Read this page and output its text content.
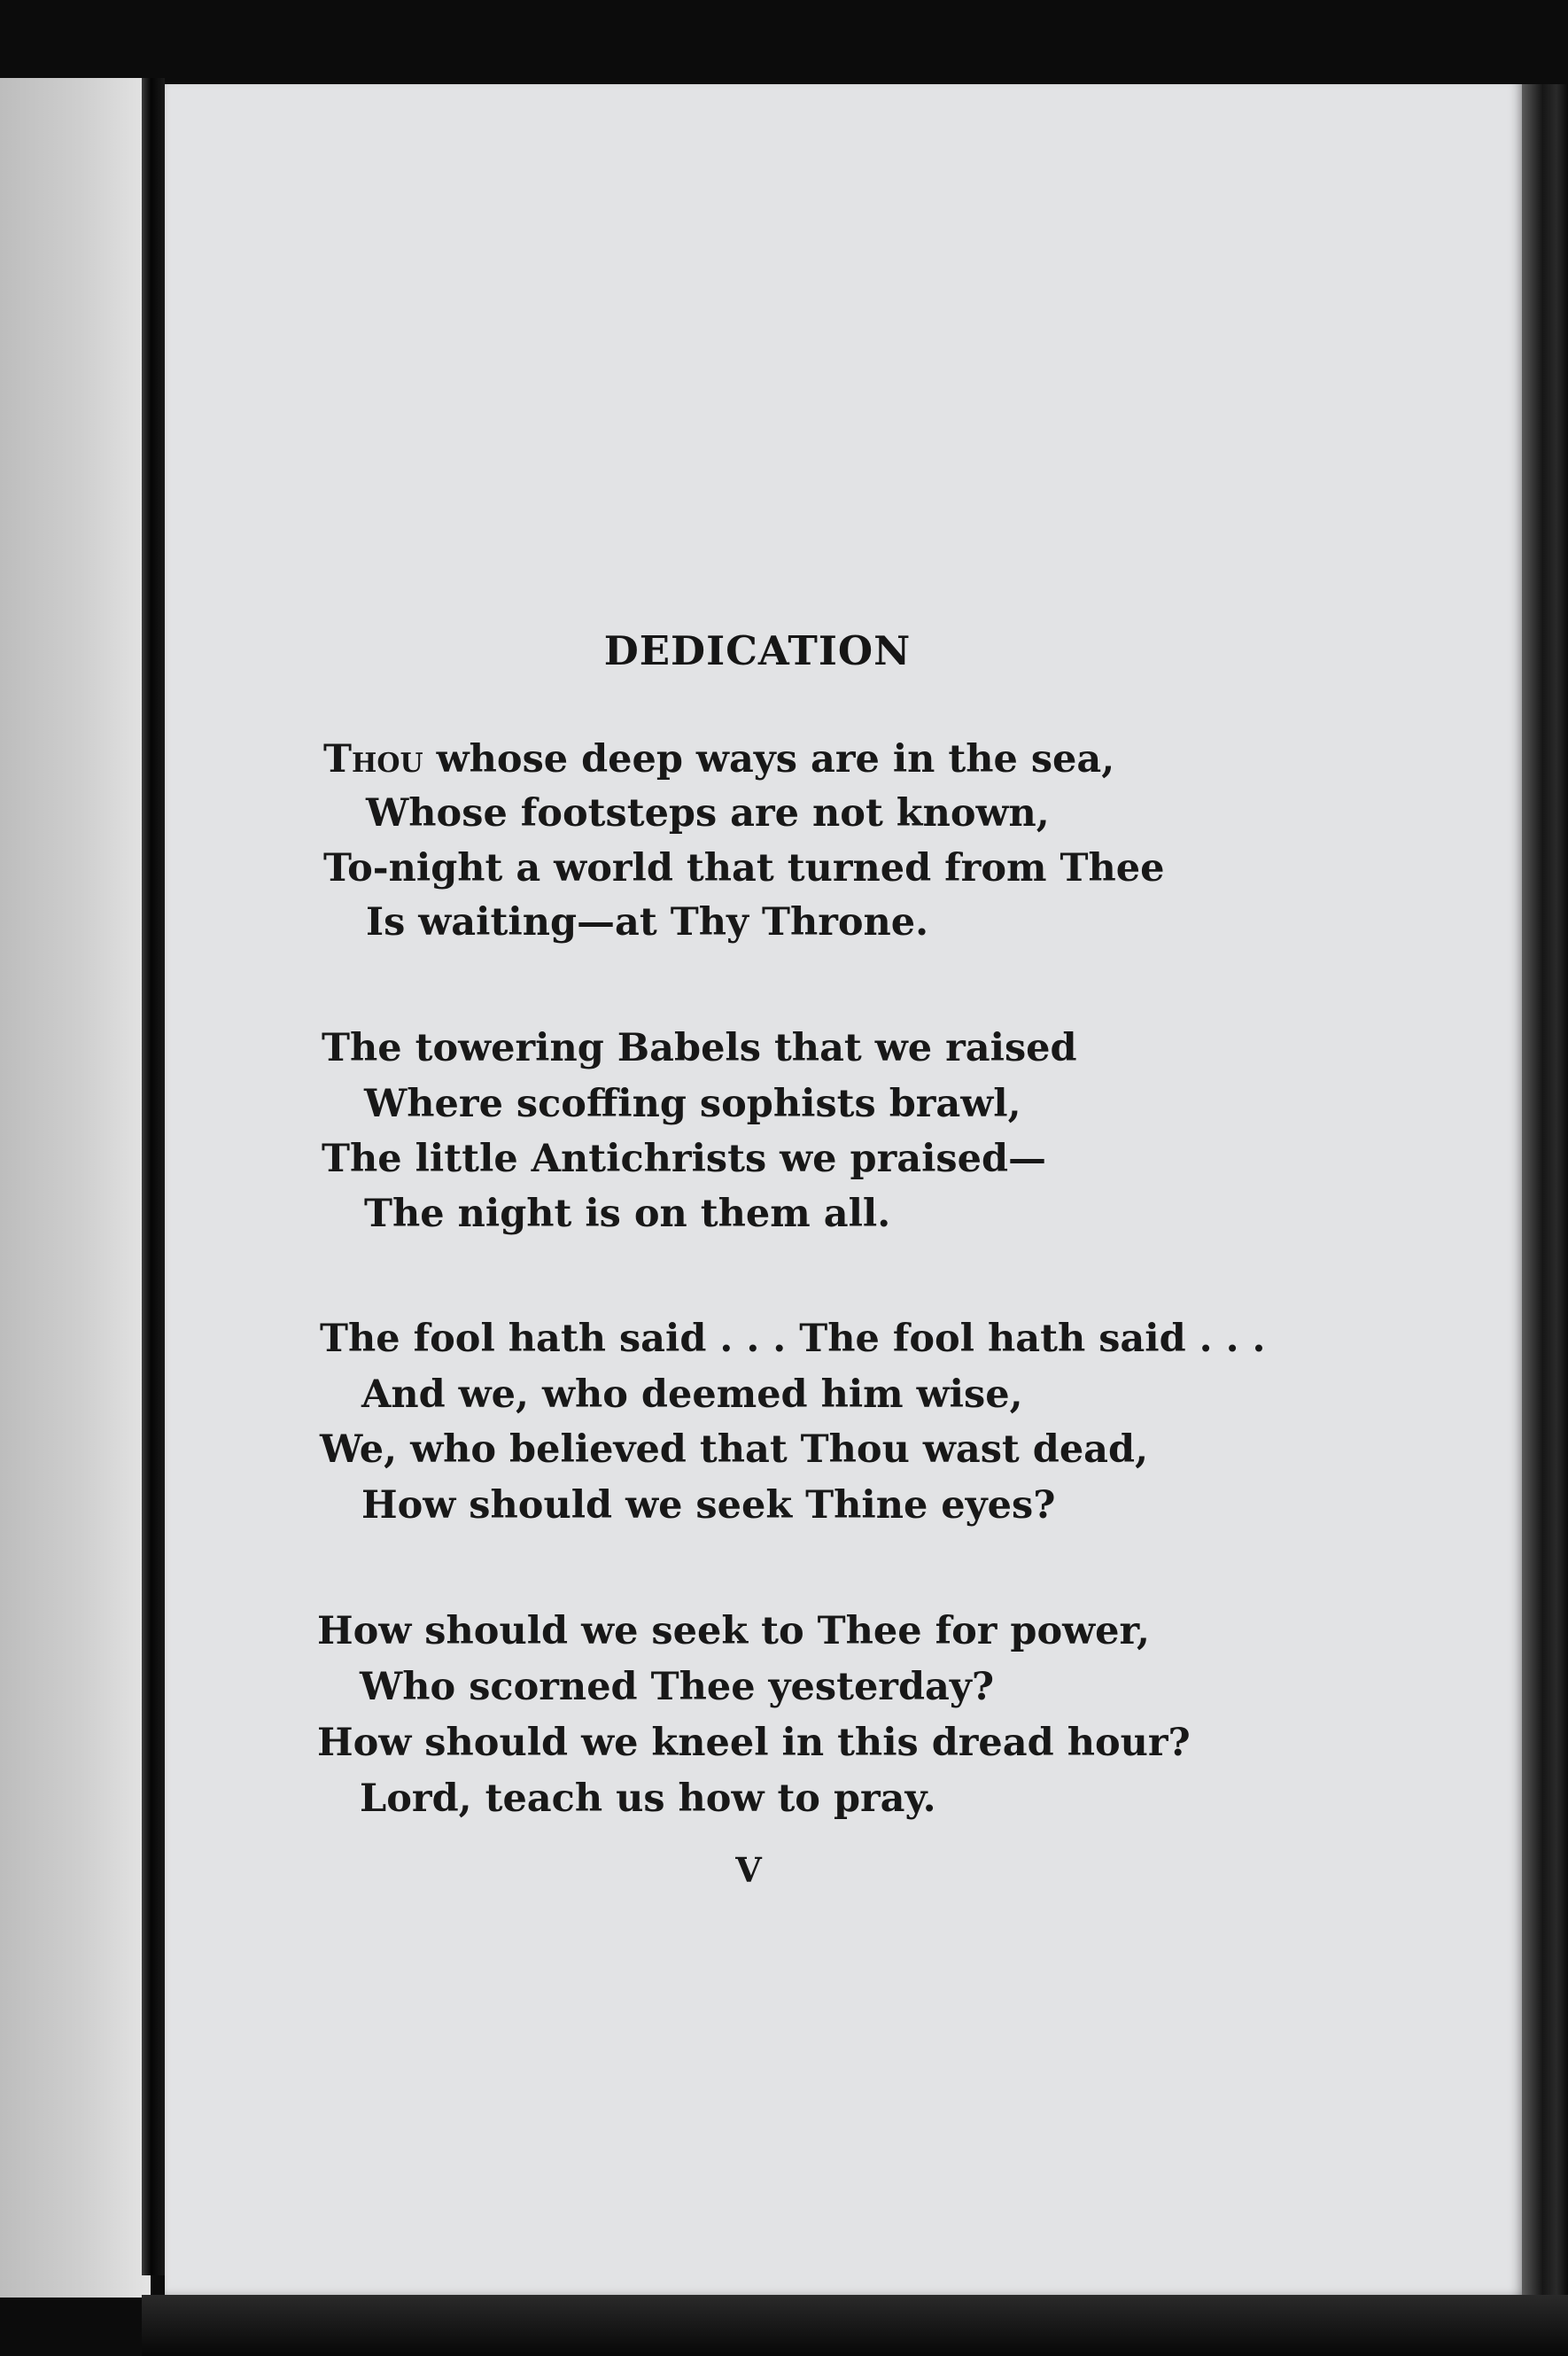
DEDICATION
Thou whose deep ways are in the sea,
Whose footsteps are not known,
To-night a world that turned from Thee
Is waiting—at Thy Throne.
The towering Babels that we raised
Where scoffing sophists brawl,
The little Antichrists we praised—
The night is on them all.
The fool hath said . . . The fool hath said . . .
And we, who deemed him wise,
We, who believed that Thou wast dead,
How should we seek Thine eyes?
How should we seek to Thee for power,
Who scorned Thee yesterday?
How should we kneel in this dread hour?
Lord, teach us how to pray.
V
